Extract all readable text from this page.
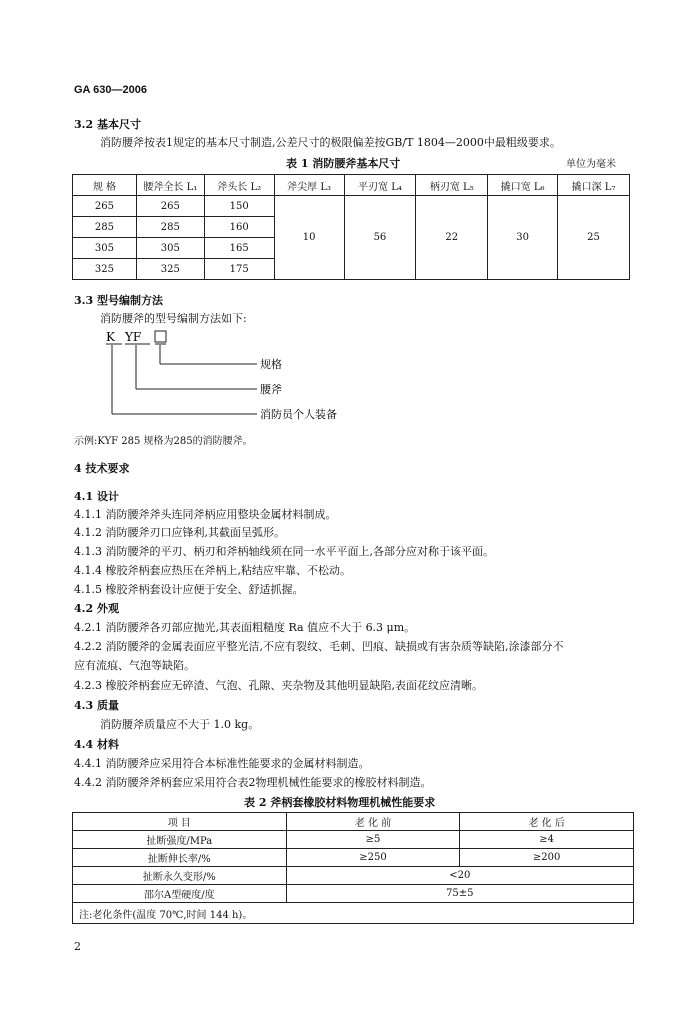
GA 630—2006
3.2 基本尺寸
消防腰斧按表1规定的基本尺寸制造,公差尺寸的极限偏差按GB/T 1804—2000中最粗级要求。
表 1 消防腰斧基本尺寸	单位为毫米
规 格	腰斧全长 L₁	斧头长 L₂	斧尖厚 L₃	平刃宽 L₄	柄刃宽 L₅	撬口宽 L₆	撬口深 L₇
265	265	150	10	56	22	30	25
285	285	160					
305	305	165					
325	325	175					
3.3 型号编制方法
消防腰斧的型号编制方法如下:
K YF
规格
腰斧
消防员个人装备
示例:KYF 285 规格为285的消防腰斧。
4 技术要求
4.1 设计
4.1.1 消防腰斧斧头连同斧柄应用整块金属材料制成。
4.1.2 消防腰斧刃口应锋利,其截面呈弧形。
4.1.3 消防腰斧的平刃、柄刃和斧柄轴线须在同一水平平面上,各部分应对称于该平面。
4.1.4 橡胶斧柄套应热压在斧柄上,粘结应牢靠、不松动。
4.1.5 橡胶斧柄套设计应便于安全、舒适抓握。
4.2 外观
4.2.1 消防腰斧各刃部应抛光,其表面粗糙度 Ra 值应不大于 6.3 μm。
4.2.2 消防腰斧的金属表面应平整光洁,不应有裂纹、毛刺、凹痕、缺损或有害杂质等缺陷,涂漆部分不
应有流痕、气泡等缺陷。
4.2.3 橡胶斧柄套应无碎渣、气泡、孔隙、夹杂物及其他明显缺陷,表面花纹应清晰。
4.3 质量
消防腰斧质量应不大于 1.0 kg。
4.4 材料
4.4.1 消防腰斧应采用符合本标准性能要求的金属材料制造。
4.4.2 消防腰斧斧柄套应采用符合表2物理机械性能要求的橡胶材料制造。
表 2 斧柄套橡胶材料物理机械性能要求
项 目	老 化 前	老 化 后
扯断强度/MPa	≥5	≥4
扯断伸长率/%	≥250	≥200
扯断永久变形/%	<20	
邵尔A型硬度/度	75±5	
注:老化条件(温度 70℃,时间 144 h)。		
2
